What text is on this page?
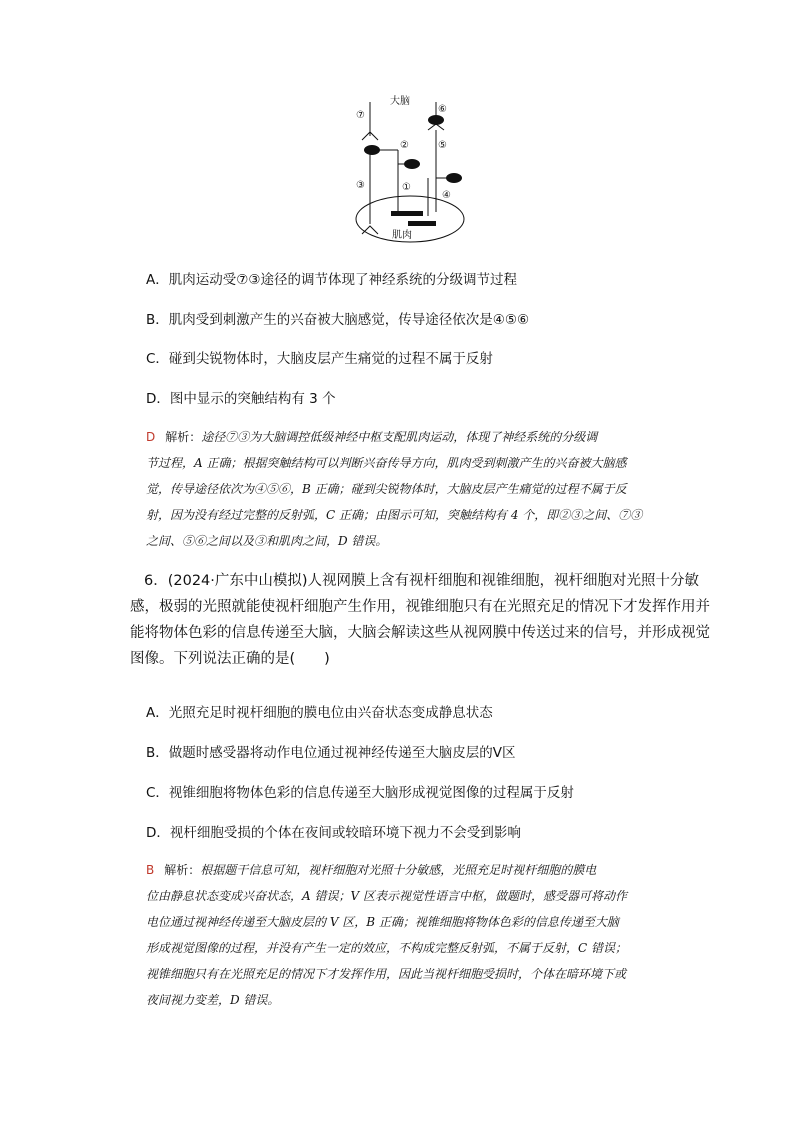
大脑
肌肉
⑦
⑥
⑤
②
③	①
④
A．肌肉运动受⑦③途径的调节体现了神经系统的分级调节过程
B．肌肉受到刺激产生的兴奋被大脑感觉，传导途径依次是④⑤⑥
C．碰到尖锐物体时，大脑皮层产生痛觉的过程不属于反射
D．图中显示的突触结构有 3 个
D 解析：途径⑦③为大脑调控低级神经中枢支配肌肉运动，体现了神经系统的分级调
节过程，A 正确；根据突触结构可以判断兴奋传导方向，肌肉受到刺激产生的兴奋被大脑感
觉，传导途径依次为④⑤⑥，B 正确；碰到尖锐物体时，大脑皮层产生痛觉的过程不属于反
射，因为没有经过完整的反射弧，C 正确；由图示可知，突触结构有 4 个，即②③之间、⑦③
之间、⑤⑥之间以及③和肌肉之间，D 错误。
6．(2024·广东中山模拟)人视网膜上含有视杆细胞和视锥细胞，视杆细胞对光照十分敏
感，极弱的光照就能使视杆细胞产生作用，视锥细胞只有在光照充足的情况下才发挥作用并
能将物体色彩的信息传递至大脑，大脑会解读这些从视网膜中传送过来的信号，并形成视觉
图像。下列说法正确的是(　　)
A．光照充足时视杆细胞的膜电位由兴奋状态变成静息状态
B．做题时感受器将动作电位通过视神经传递至大脑皮层的Ⅴ区
C．视锥细胞将物体色彩的信息传递至大脑形成视觉图像的过程属于反射
D．视杆细胞受损的个体在夜间或较暗环境下视力不会受到影响
B 解析：根据题干信息可知，视杆细胞对光照十分敏感，光照充足时视杆细胞的膜电
位由静息状态变成兴奋状态，A 错误；V 区表示视觉性语言中枢，做题时，感受器可将动作
电位通过视神经传递至大脑皮层的 V 区，B 正确；视锥细胞将物体色彩的信息传递至大脑
形成视觉图像的过程，并没有产生一定的效应，不构成完整反射弧，不属于反射，C 错误；
视锥细胞只有在光照充足的情况下才发挥作用，因此当视杆细胞受损时，个体在暗环境下或
夜间视力变差，D 错误。
